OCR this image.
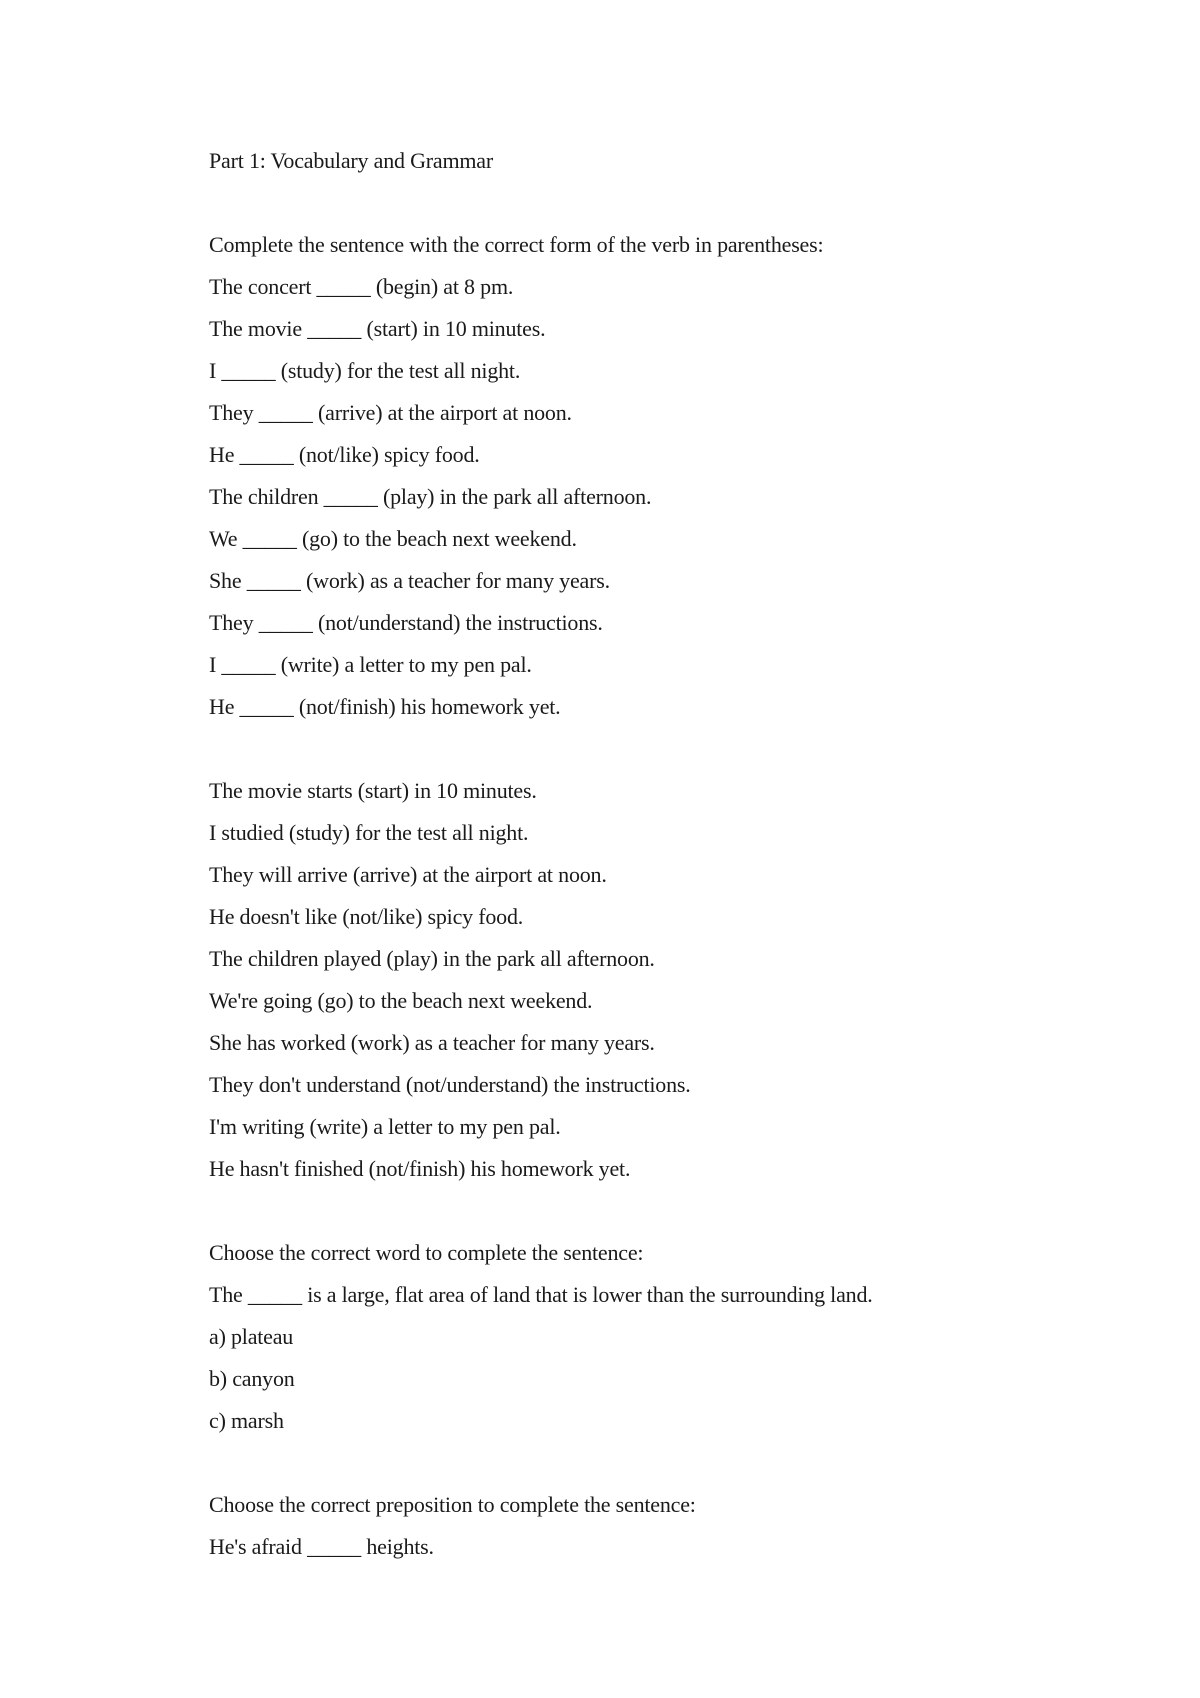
Part 1: Vocabulary and Grammar
Complete the sentence with the correct form of the verb in parentheses:
The concert _____ (begin) at 8 pm.
The movie _____ (start) in 10 minutes.
I _____ (study) for the test all night.
They _____ (arrive) at the airport at noon.
He _____ (not/like) spicy food.
The children _____ (play) in the park all afternoon.
We _____ (go) to the beach next weekend.
She _____ (work) as a teacher for many years.
They _____ (not/understand) the instructions.
I _____ (write) a letter to my pen pal.
He _____ (not/finish) his homework yet.
The movie starts (start) in 10 minutes.
I studied (study) for the test all night.
They will arrive (arrive) at the airport at noon.
He doesn't like (not/like) spicy food.
The children played (play) in the park all afternoon.
We're going (go) to the beach next weekend.
She has worked (work) as a teacher for many years.
They don't understand (not/understand) the instructions.
I'm writing (write) a letter to my pen pal.
He hasn't finished (not/finish) his homework yet.
Choose the correct word to complete the sentence:
The _____ is a large, flat area of land that is lower than the surrounding land.
a) plateau
b) canyon
c) marsh
Choose the correct preposition to complete the sentence:
He's afraid _____ heights.
